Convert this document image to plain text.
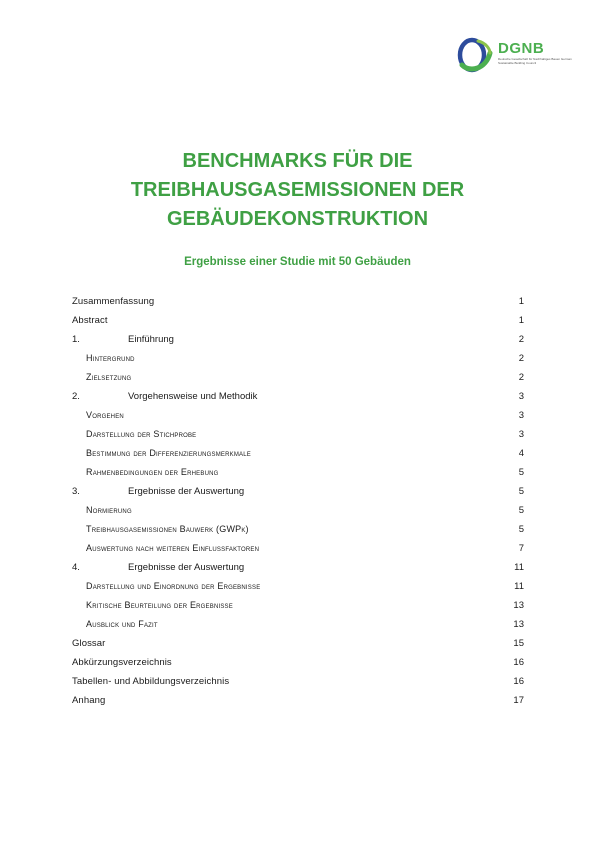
DGNB
Deutsche Gesellschaft für Nachhaltiges Bauen German Sustainable Building Council
BENCHMARKS FÜR DIE
TREIBHAUSGASEMISSIONEN DER
GEBÄUDEKONSTRUKTION
Ergebnisse einer Studie mit 50 Gebäuden
Zusammenfassung	1
Abstract	1
1.	Einführung	2
Hintergrund	2
Zielsetzung	2
2.	Vorgehensweise und Methodik	3
Vorgehen	3
Darstellung der Stichprobe	3
Bestimmung der Differenzierungsmerkmale	4
Rahmenbedingungen der Erhebung	5
3.	Ergebnisse der Auswertung	5
Normierung	5
Treibhausgasemissionen Bauwerk (GWPk)	5
Auswertung nach weiteren Einflussfaktoren	7
4.	Ergebnisse der Auswertung	11
Darstellung und Einordnung der Ergebnisse	11
Kritische Beurteilung der Ergebnisse	13
Ausblick und Fazit	13
Glossar	15
Abkürzungsverzeichnis	16
Tabellen- und Abbildungsverzeichnis	16
Anhang	17
